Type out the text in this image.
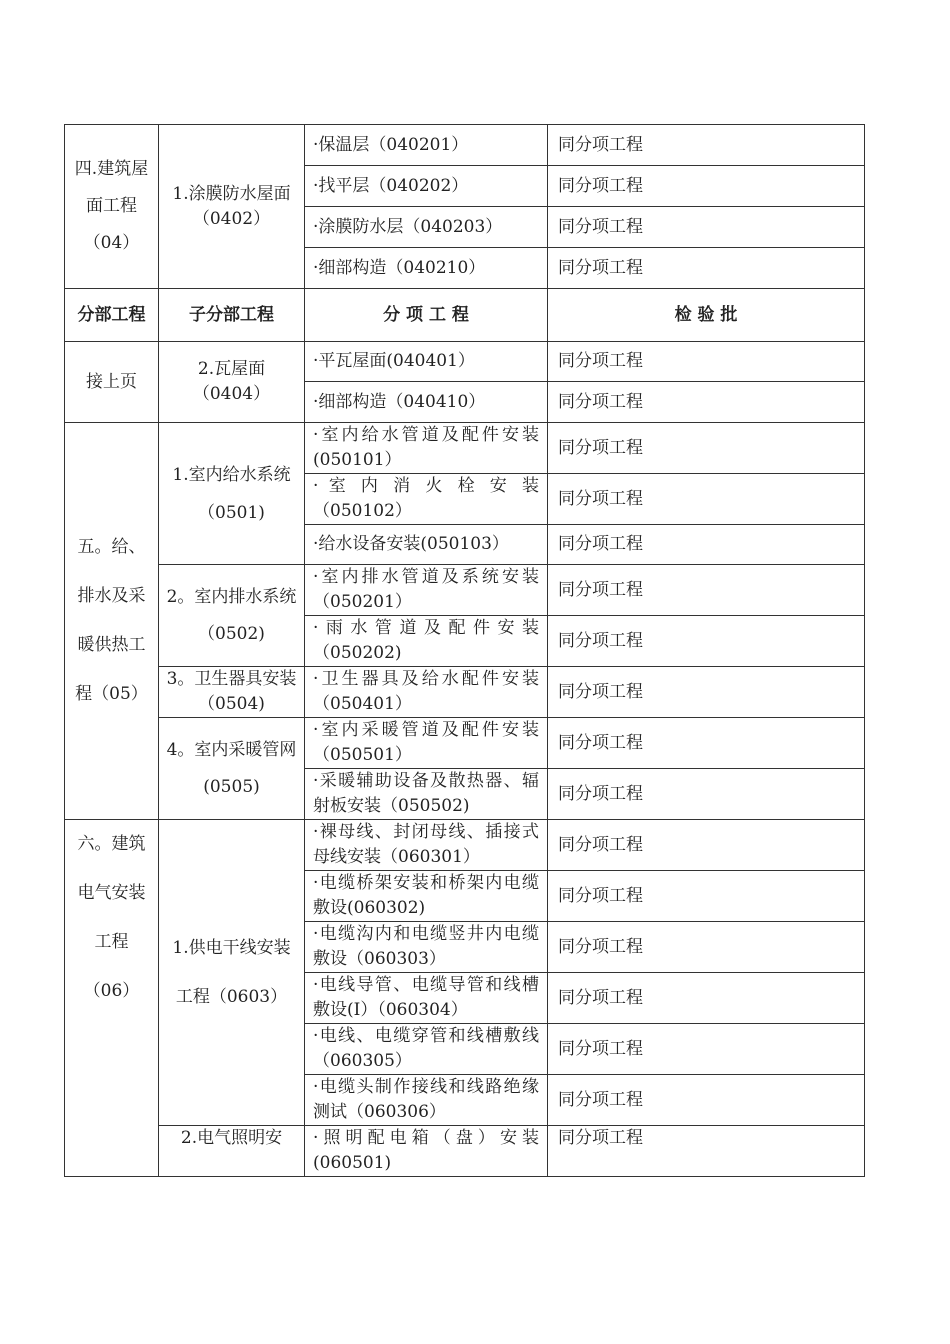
四.建筑屋面工程（04）	1.涂膜防水屋面（0402）	·保温层（040201）	同分项工程
		·找平层（040202）	同分项工程
		·涂膜防水层（040203）	同分项工程
		·细部构造（040210）	同分项工程
分部工程	子分部工程	分 项 工 程	检 验 批
接上页	2.瓦屋面（0404）	·平瓦屋面(040401）	同分项工程
		·细部构造（040410）	同分项工程
五。给、排水及采暖供热工程（05）	1.室内给水系统（0501)	·室内给水管道及配件安装(050101）	同分项工程
		· 室 内 消 火 栓 安 装（050102）	同分项工程
		·给水设备安装(050103）	同分项工程
	2。室内排水系统（0502)	·室内排水管道及系统安装（050201）	同分项工程
		·雨水管道及配件安装（050202)	同分项工程
	3。卫生器具安装（0504)	·卫生器具及给水配件安装（050401）	同分项工程
	4。室内采暖管网(0505)	·室内采暖管道及配件安装（050501）	同分项工程
		·采暖辅助设备及散热器、辐射板安装（050502)	同分项工程
六。建筑电气安装工程（06）	1.供电干线安装工程（0603）	·裸母线、封闭母线、插接式母线安装（060301）	同分项工程
		·电缆桥架安装和桥架内电缆敷设(060302)	同分项工程
		·电缆沟内和电缆竖井内电缆敷设（060303）	同分项工程
		·电线导管、电缆导管和线槽敷设(Ⅰ）（060304）	同分项工程
		·电线、电缆穿管和线槽敷线（060305）	同分项工程
		·电缆头制作接线和线路绝缘测试（060306）	同分项工程
	2.电气照明安	·照明配电箱（盘）安装(060501)	同分项工程
